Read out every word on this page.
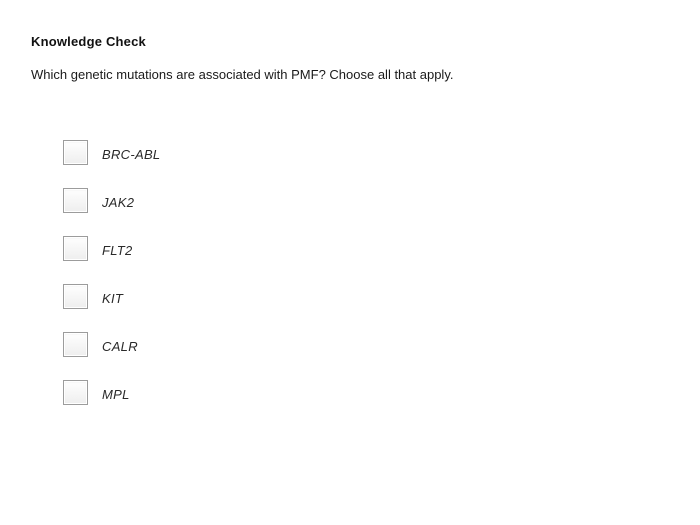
Knowledge Check
Which genetic mutations are associated with PMF? Choose all that apply.
BRC-ABL
JAK2
FLT2
KIT
CALR
MPL
